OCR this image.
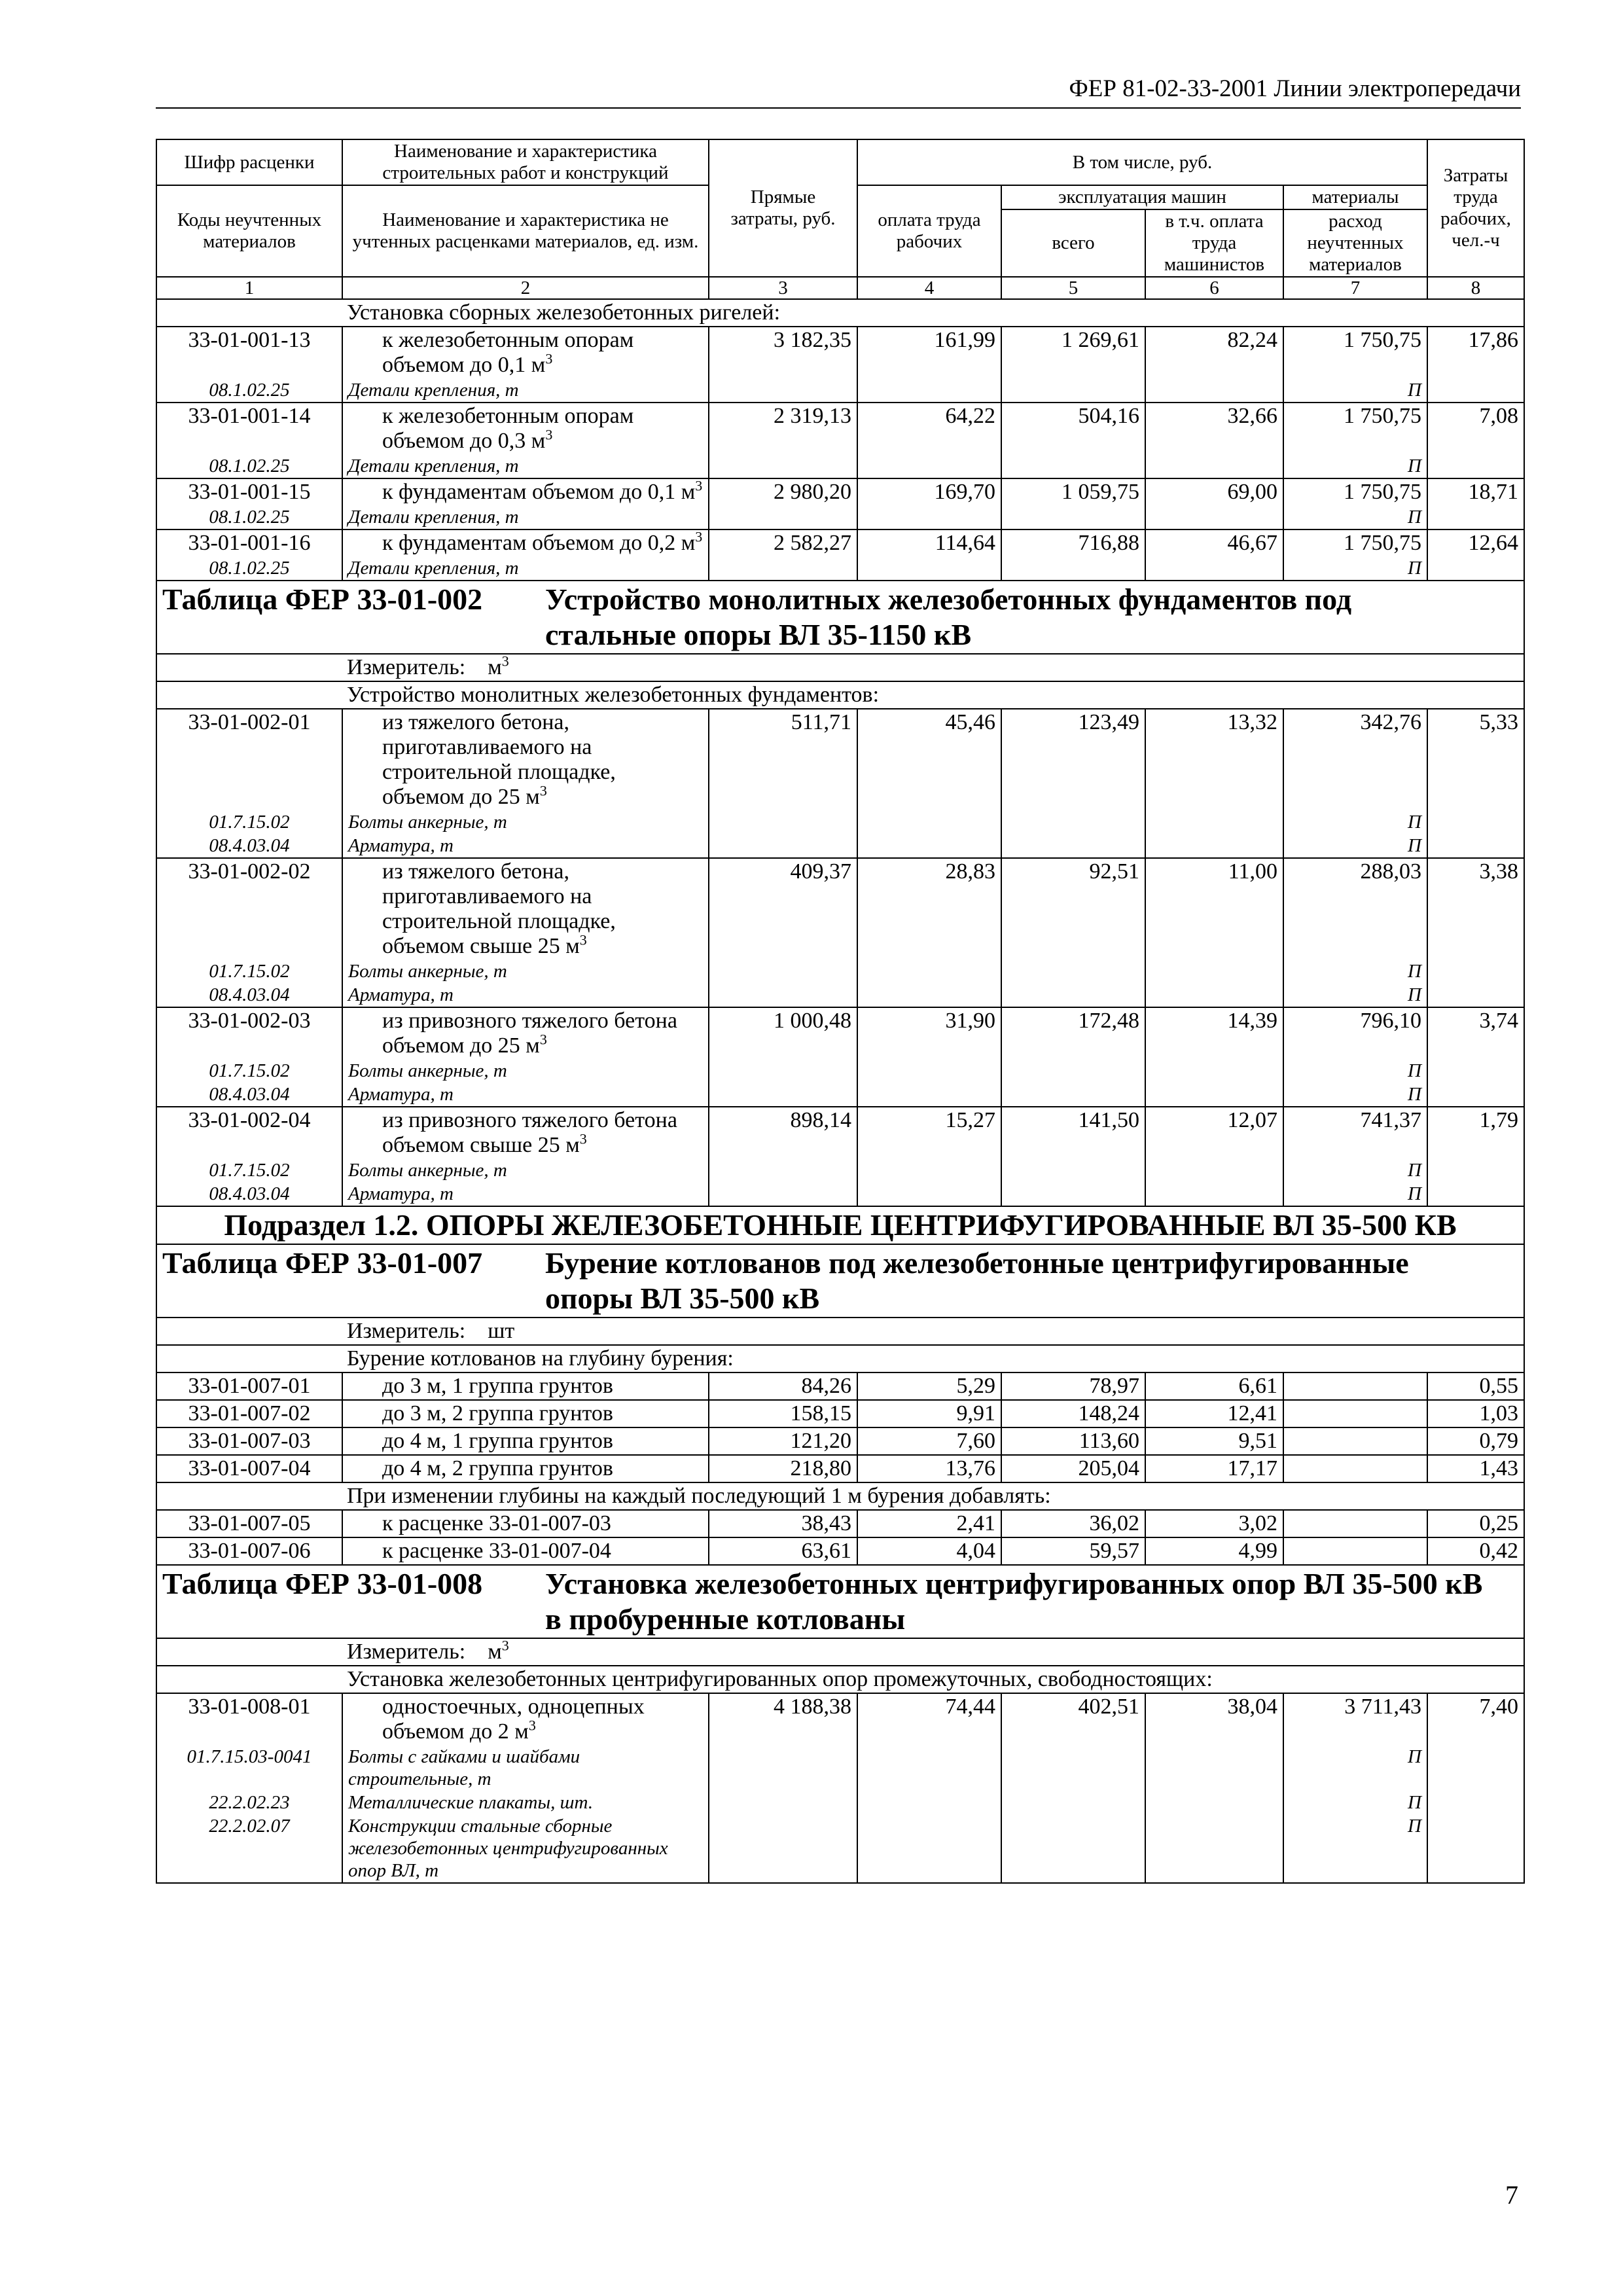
ФЕР 81-02-33-2001 Линии электропередачи
Шифр расценки	Наименование и характеристика строительных работ и конструкций	Прямые затраты, руб.	В том числе, руб.				Затраты труда рабочих, чел.-ч
Коды неучтенных материалов	Наименование и характеристика не учтенных расценками материалов, ед. изм.		оплата труда рабочих	эксплуатация машин		материалы	
				всего	в т.ч. оплата труда машинистов	расход неучтенных материалов	
1	2	3	4	5	6	7	8
Установка сборных железобетонных ригелей:							
33-01-001-13	к железобетонным опорам объемом до 0,1 $м^3$	3 182,35	161,99	1 269,61	82,24	1 750,75	17,86
08.1.02.25	Детали крепления, т					П	
33-01-001-14	к железобетонным опорам объемом до 0,3 $м^3$	2 319,13	64,22	504,16	32,66	1 750,75	7,08
08.1.02.25	Детали крепления, т					П	
33-01-001-15	к фундаментам объемом до 0,1 $м^3$	2 980,20	169,70	1 059,75	69,00	1 750,75	18,71
08.1.02.25	Детали крепления, т					П	
33-01-001-16	к фундаментам объемом до 0,2 $м^3$	2 582,27	114,64	716,88	46,67	1 750,75	12,64
08.1.02.25	Детали крепления, т					П	
Таблица ФЕР 33-01-002 Устройство монолитных железобетонных фундаментов под стальные опоры ВЛ 35-1150 кВ							
Измеритель: $м^3$
Устройство монолитных железобетонных фундаментов:							
33-01-002-01	из тяжелого бетона, приготавливаемого на строительной площадке, объемом до 25 $м^3$	511,71	45,46	123,49	13,32	342,76	5,33
01.7.15.02	Болты анкерные, т					П	
08.4.03.04	Арматура, т					П	
33-01-002-02	из тяжелого бетона, приготавливаемого на строительной площадке, объемом свыше 25 $м^3$	409,37	28,83	92,51	11,00	288,03	3,38
01.7.15.02	Болты анкерные, т					П	
08.4.03.04	Арматура, т					П	
33-01-002-03	из привозного тяжелого бетона объемом до 25 $м^3$	1 000,48	31,90	172,48	14,39	796,10	3,74
01.7.15.02	Болты анкерные, т					П	
08.4.03.04	Арматура, т					П	
33-01-002-04	из привозного тяжелого бетона объемом свыше 25 $м^3$	898,14	15,27	141,50	12,07	741,37	1,79
01.7.15.02	Болты анкерные, т					П	
08.4.03.04	Арматура, т					П	
Подраздел 1.2. ОПОРЫ ЖЕЛЕЗОБЕТОННЫЕ ЦЕНТРИФУГИРОВАННЫЕ ВЛ 35-500 КВ							
Таблица ФЕР 33-01-007 Бурение котлованов под железобетонные центрифугированные опоры ВЛ 35-500 кВ							
Измеритель: шт							
Бурение котлованов на глубину бурения:							
33-01-007-01	до 3 м, 1 группа грунтов	84,26	5,29	78,97	6,61		0,55
33-01-007-02	до 3 м, 2 группа грунтов	158,15	9,91	148,24	12,41		1,03
33-01-007-03	до 4 м, 1 группа грунтов	121,20	7,60	113,60	9,51		0,79
33-01-007-04	до 4 м, 2 группа грунтов	218,80	13,76	205,04	17,17		1,43
При изменении глубины на каждый последующий 1 м бурения добавлять:							
33-01-007-05	к расценке 33-01-007-03	38,43	2,41	36,02	3,02		0,25
33-01-007-06	к расценке 33-01-007-04	63,61	4,04	59,57	4,99		0,42
Таблица ФЕР 33-01-008 Установка железобетонных центрифугированных опор ВЛ 35-500 кВ в пробуренные котлованы							
Измеритель: $м^3$
Установка железобетонных центрифугированных опор промежуточных, свободностоящих:							
33-01-008-01	одностоечных, одноцепных объемом до 2 $м^3$	4 188,38	74,44	402,51	38,04	3 711,43	7,40
01.7.15.03-0041	Болты с гайками и шайбами строительные, т					П	
22.2.02.23	Металлические плакаты, шт.					П	
22.2.02.07	Конструкции стальные сборные железобетонных центрифугированных опор ВЛ, т					П	
7
